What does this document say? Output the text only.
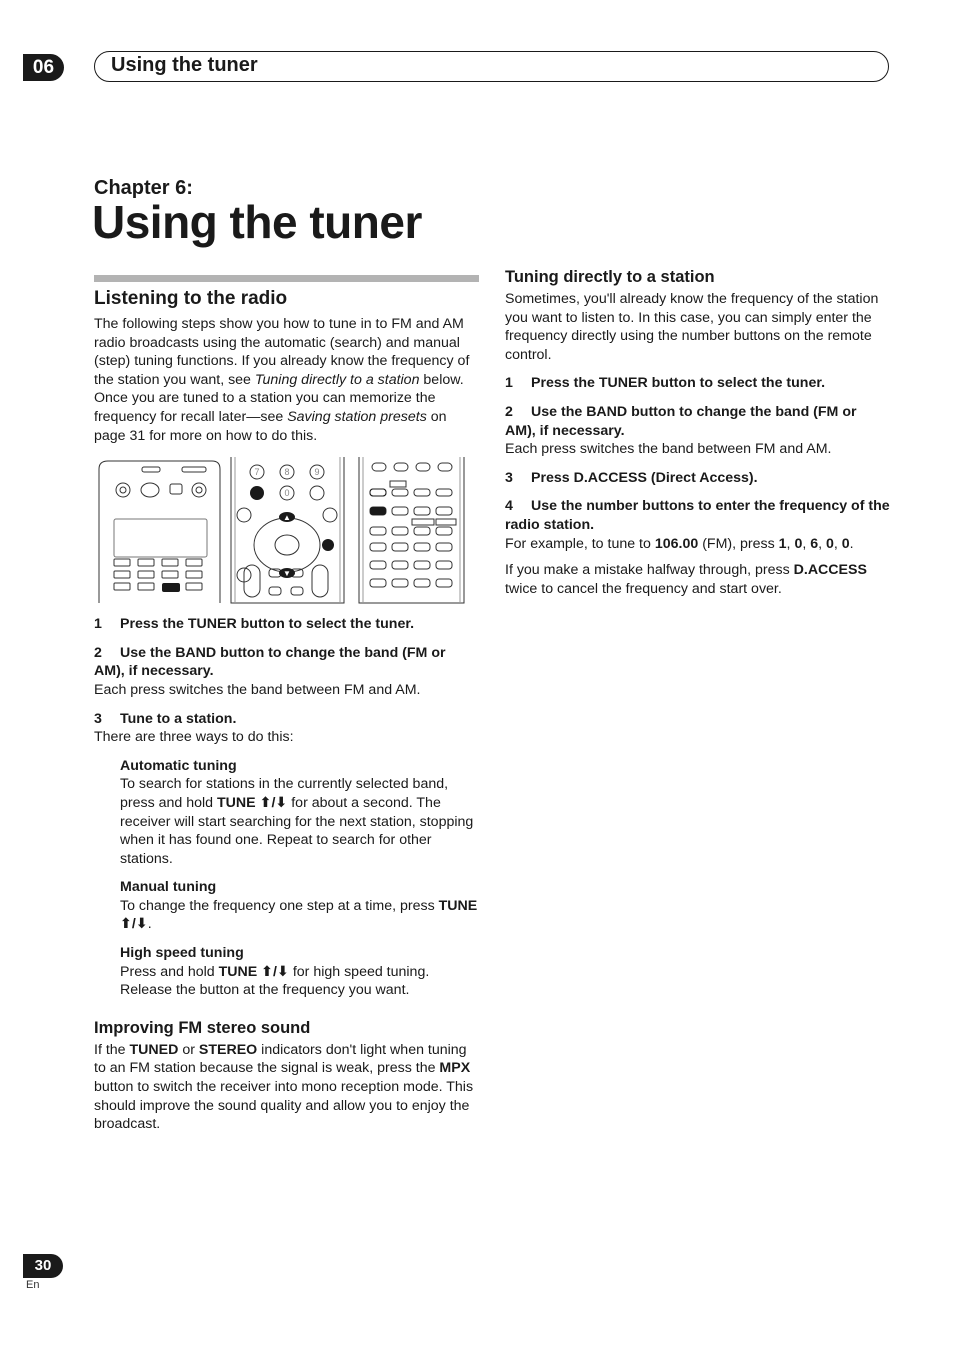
06	Using the tuner
Chapter 6:
Using the tuner
Listening to the radio

The following steps show you how to tune in to FM and AM radio broadcasts using the automatic (search) and manual (step) tuning functions. If you already know the frequency of the station you want, see Tuning directly to a station below. Once you are tuned to a station you can memorize the frequency for recall later—see Saving station presets on page 31 for more on how to do this.

7	8	9
0
▲
▼

1 Press the TUNER button to select the tuner.

2 Use the BAND button to change the band (FM or AM), if necessary.

Each press switches the band between FM and AM.

3 Tune to a station.

There are three ways to do this:

Automatic tuning

To search for stations in the currently selected band, press and hold TUNE ⬆/⬇ for about a second. The receiver will start searching for the next station, stopping when it has found one. Repeat to search for other stations.

Manual tuning

To change the frequency one step at a time, press TUNE ⬆/⬇.

High speed tuning

Press and hold TUNE ⬆/⬇ for high speed tuning. Release the button at the frequency you want.

Improving FM stereo sound

If the TUNED or STEREO indicators don't light when tuning to an FM station because the signal is weak, press the MPX button to switch the receiver into mono reception mode. This should improve the sound quality and allow you to enjoy the broadcast.

Tuning directly to a station

Sometimes, you'll already know the frequency of the station you want to listen to. In this case, you can simply enter the frequency directly using the number buttons on the remote control.

1 Press the TUNER button to select the tuner.

2 Use the BAND button to change the band (FM or AM), if necessary.

Each press switches the band between FM and AM.

3 Press D.ACCESS (Direct Access).

4 Use the number buttons to enter the frequency of the radio station.

For example, to tune to 106.00 (FM), press 1, 0, 6, 0, 0.

If you make a mistake halfway through, press D.ACCESS twice to cancel the frequency and start over.

30
En
